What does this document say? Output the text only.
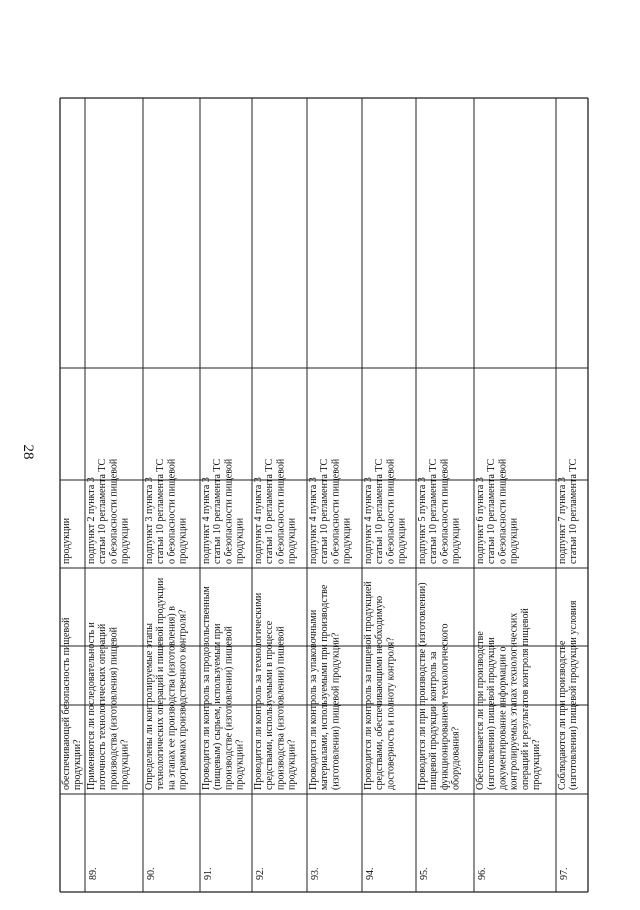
28
обеспечивающей безопасность пищевой продукции?
продукции
89.
Применяются ли последовательность и поточность технологических операций производства (изготовления) пищевой продукции?
подпункт 2 пункта 3 статьи 10 регламента ТС о безопасности пищевой продукции
90.
Определены ли контролируемые этапы технологических операций и пищевой продукции на этапах ее производства (изготовления) в программах производственного контроля?
подпункт 3 пункта 3 статьи 10 регламента ТС о безопасности пищевой продукции
91.
Проводится ли контроль за продовольственным (пищевым) сырьем, используемым при производстве (изготовлении) пищевой продукции?
подпункт 4 пункта 3 статьи 10 регламента ТС о безопасности пищевой продукции
92.
Проводится ли контроль за технологическими средствами, используемыми в процессе производства (изготовлении) пищевой продукции?
подпункт 4 пункта 3 статьи 10 регламента ТС о безопасности пищевой продукции
93.
Проводится ли контроль за упаковочными материалами, используемыми при производстве (изготовлении) пищевой продукции?
подпункт 4 пункта 3 статьи 10 регламента ТС о безопасности пищевой продукции
94.
Проводится ли контроль за пищевой продукцией средствами, обеспечивающими необходимую достоверность и полноту контроля?
подпункт 4 пункта 3 статьи 10 регламента ТС о безопасности пищевой продукции
95.
Проводится ли при производстве (изготовлении) пищевой продукции контроль за функционированием технологического оборудования?
подпункт 5 пункта 3 статьи 10 регламента ТС о безопасности пищевой продукции
96.
Обеспечивается ли при производстве (изготовлении) пищевой продукции документирование информации о контролируемых этапах технологических операций и результатов контроля пищевой продукции?
подпункт 6 пункта 3 статьи 10 регламента ТС о безопасности пищевой продукции
97.
Соблюдаются ли при производстве (изготовлении) пищевой продукции условия
подпункт 7 пункта 3 статьи 10 регламента ТС
